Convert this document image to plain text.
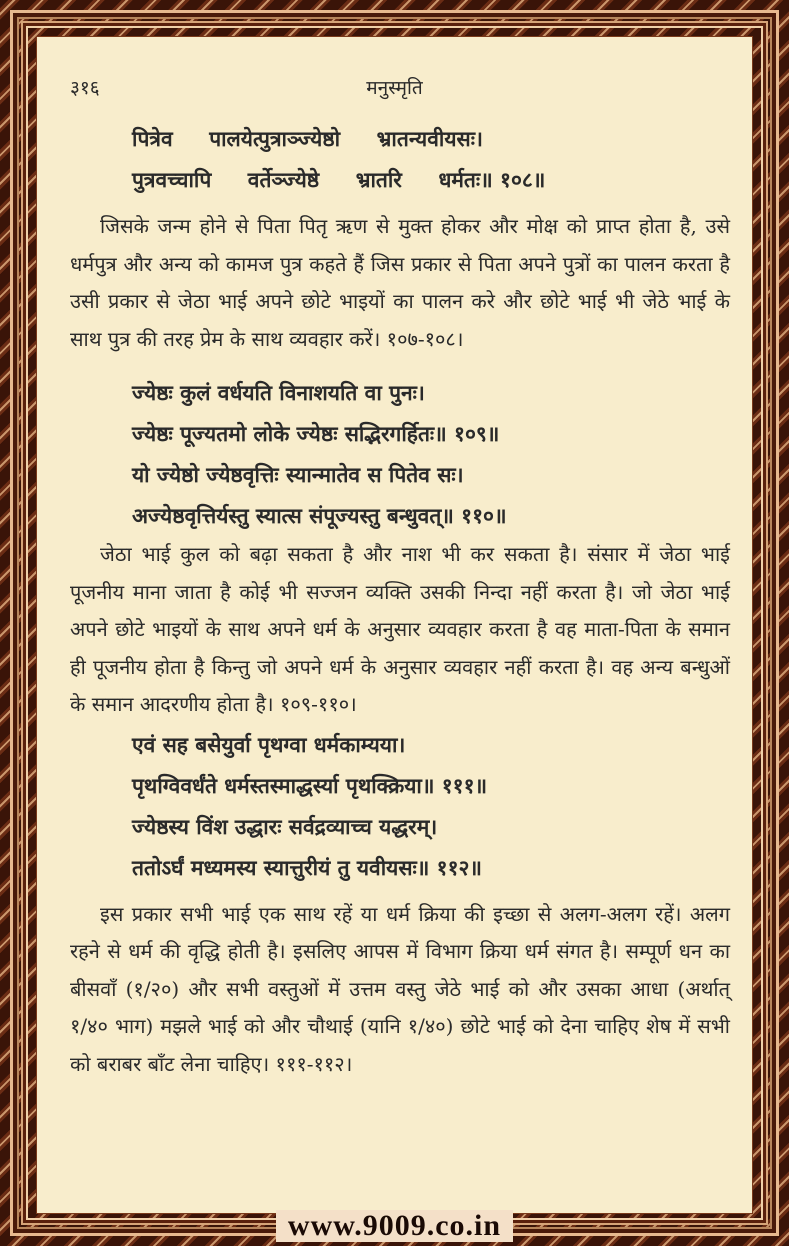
३१६	मनुस्मृति

पित्रेव     पालयेत्पुत्राञ्ज्येष्ठो     भ्रातन्यवीयसः।

पुत्रवच्चापि     वर्तेञ्ज्येष्ठे     भ्रातरि     धर्मतः॥ १०८॥

जिसके जन्म होने से पिता पितृ ऋण से मुक्त होकर और मोक्ष को प्राप्त होता है, उसे धर्मपुत्र और अन्य को कामज पुत्र कहते हैं जिस प्रकार से पिता अपने पुत्रों का पालन करता है उसी प्रकार से जेठा भाई अपने छोटे भाइयों का पालन करे और छोटे भाई भी जेठे भाई के साथ पुत्र की तरह प्रेम के साथ व्यवहार करें। १०७-१०८।

ज्येष्ठः कुलं वर्धयति विनाशयति वा पुनः।

ज्येष्ठः पूज्यतमो लोके ज्येष्ठः सद्भिरगर्हितः॥ १०९॥

यो ज्येष्ठो ज्येष्ठवृत्तिः स्यान्मातेव स पितेव सः।

अज्येष्ठवृत्तिर्यस्तु स्यात्स संपूज्यस्तु बन्धुवत्॥ ११०॥

जेठा भाई कुल को बढ़ा सकता है और नाश भी कर सकता है। संसार में जेठा भाई पूजनीय माना जाता है कोई भी सज्जन व्यक्ति उसकी निन्दा नहीं करता है। जो जेठा भाई अपने छोटे भाइयों के साथ अपने धर्म के अनुसार व्यवहार करता है वह माता-पिता के समान ही पूजनीय होता है किन्तु जो अपने धर्म के अनुसार व्यवहार नहीं करता है। वह अन्य बन्धुओं के समान आदरणीय होता है। १०९-११०।

एवं सह बसेयुर्वा पृथग्वा धर्मकाम्यया।

पृथग्विवर्धंते धर्मस्तस्माद्धर्स्या पृथक्क्रिया॥ १११॥

ज्येष्ठस्य विंश उद्धारः सर्वद्रव्याच्च यद्धरम्।

ततोऽर्घं मध्यमस्य स्यात्तुरीयं तु यवीयसः॥ ११२॥

इस प्रकार सभी भाई एक साथ रहें या धर्म क्रिया की इच्छा से अलग-अलग रहें। अलग रहने से धर्म की वृद्धि होती है। इसलिए आपस में विभाग क्रिया धर्म संगत है। सम्पूर्ण धन का बीसवाँ (१/२०) और सभी वस्तुओं में उत्तम वस्तु जेठे भाई को और उसका आधा (अर्थात् १/४० भाग) मझले भाई को और चौथाई (यानि १/४०) छोटे भाई को देना चाहिए शेष में सभी को बराबर बाँट लेना चाहिए। १११-११२।

www.9009.co.in
